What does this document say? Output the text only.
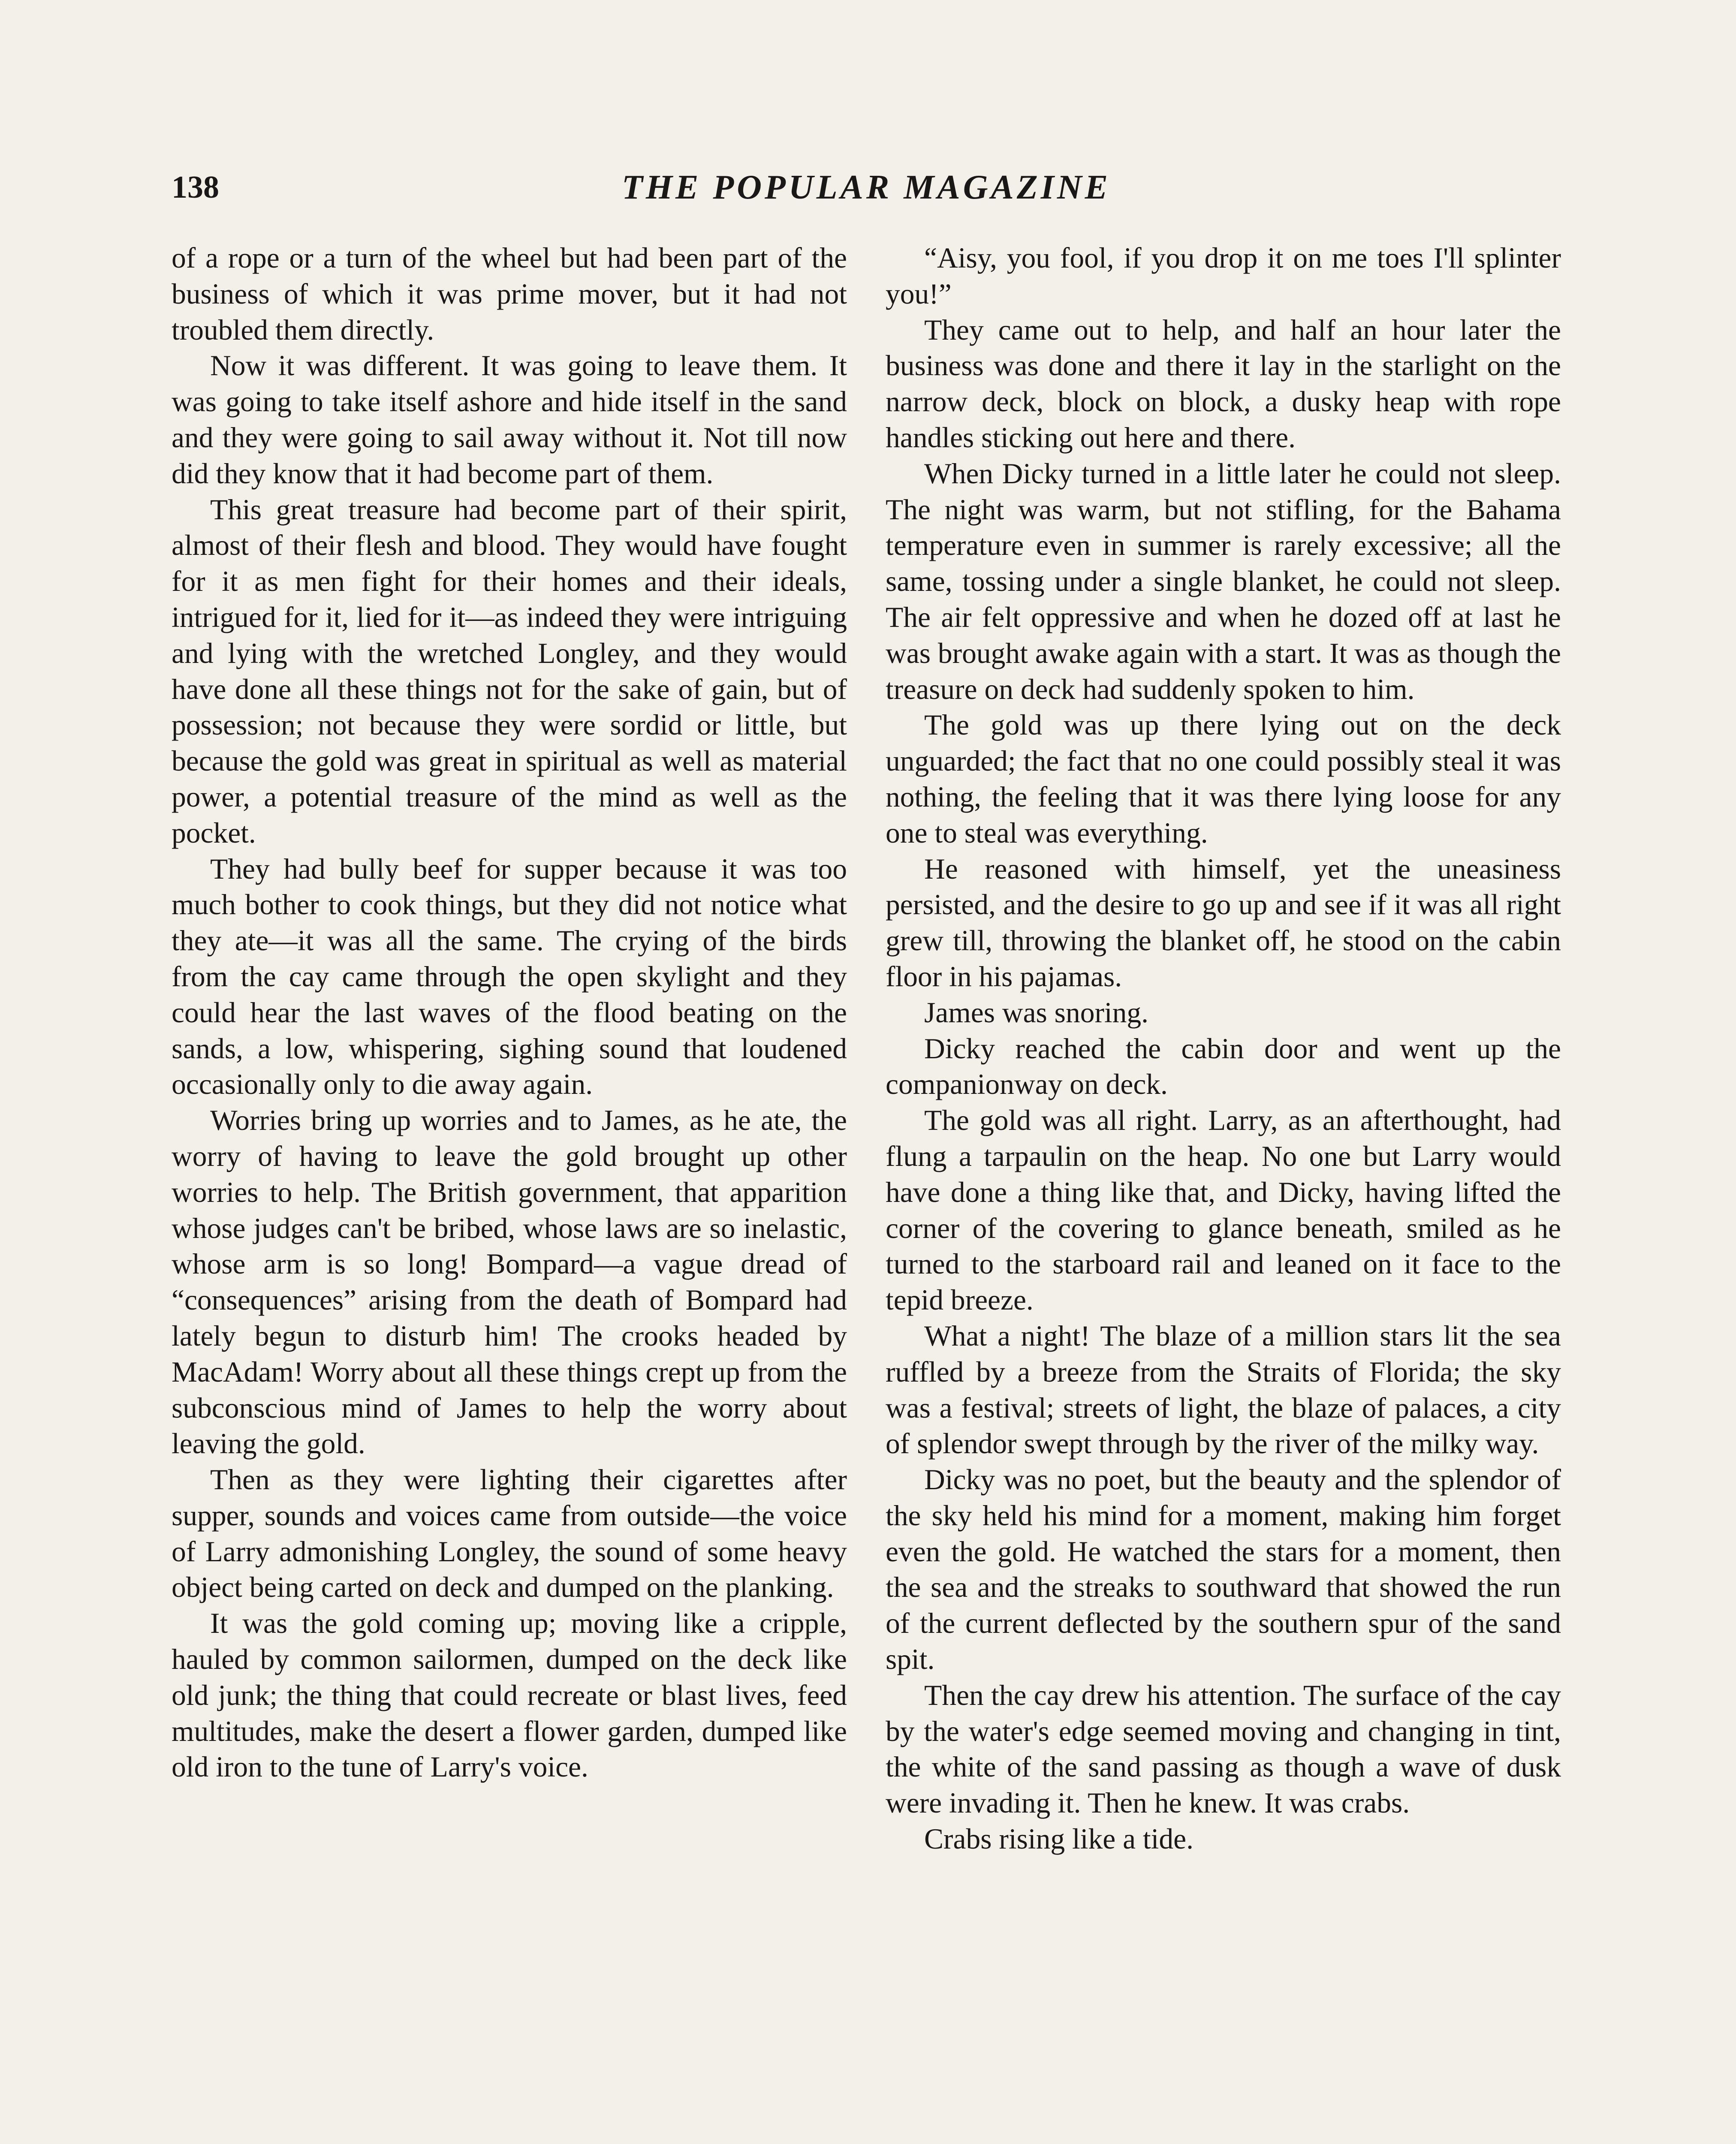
138	THE POPULAR MAGAZINE

of a rope or a turn of the wheel but had been part of the business of which it was prime mover, but it had not troubled them directly.

Now it was different. It was going to leave them. It was going to take itself ashore and hide itself in the sand and they were going to sail away without it. Not till now did they know that it had become part of them.

This great treasure had become part of their spirit, almost of their flesh and blood. They would have fought for it as men fight for their homes and their ideals, intrigued for it, lied for it—as indeed they were intriguing and lying with the wretched Longley, and they would have done all these things not for the sake of gain, but of possession; not because they were sordid or little, but because the gold was great in spiritual as well as material power, a potential treasure of the mind as well as the pocket.

They had bully beef for supper because it was too much bother to cook things, but they did not notice what they ate—it was all the same. The crying of the birds from the cay came through the open skylight and they could hear the last waves of the flood beating on the sands, a low, whispering, sighing sound that loudened occasionally only to die away again.

Worries bring up worries and to James, as he ate, the worry of having to leave the gold brought up other worries to help. The British government, that apparition whose judges can't be bribed, whose laws are so inelastic, whose arm is so long! Bompard—a vague dread of “consequences” arising from the death of Bompard had lately begun to disturb him! The crooks headed by MacAdam! Worry about all these things crept up from the subconscious mind of James to help the worry about leaving the gold.

Then as they were lighting their cigarettes after supper, sounds and voices came from outside—the voice of Larry admonishing Longley, the sound of some heavy object being carted on deck and dumped on the planking.

It was the gold coming up; moving like a cripple, hauled by common sailormen, dumped on the deck like old junk; the thing that could recreate or blast lives, feed multitudes, make the desert a flower garden, dumped like old iron to the tune of Larry's voice.

“Aisy, you fool, if you drop it on me toes I'll splinter you!”

They came out to help, and half an hour later the business was done and there it lay in the starlight on the narrow deck, block on block, a dusky heap with rope handles sticking out here and there.

When Dicky turned in a little later he could not sleep. The night was warm, but not stifling, for the Bahama temperature even in summer is rarely excessive; all the same, tossing under a single blanket, he could not sleep. The air felt oppressive and when he dozed off at last he was brought awake again with a start. It was as though the treasure on deck had suddenly spoken to him.

The gold was up there lying out on the deck unguarded; the fact that no one could possibly steal it was nothing, the feeling that it was there lying loose for any one to steal was everything.

He reasoned with himself, yet the uneasiness persisted, and the desire to go up and see if it was all right grew till, throwing the blanket off, he stood on the cabin floor in his pajamas.

James was snoring.

Dicky reached the cabin door and went up the companionway on deck.

The gold was all right. Larry, as an afterthought, had flung a tarpaulin on the heap. No one but Larry would have done a thing like that, and Dicky, having lifted the corner of the covering to glance beneath, smiled as he turned to the starboard rail and leaned on it face to the tepid breeze.

What a night! The blaze of a million stars lit the sea ruffled by a breeze from the Straits of Florida; the sky was a festival; streets of light, the blaze of palaces, a city of splendor swept through by the river of the milky way.

Dicky was no poet, but the beauty and the splendor of the sky held his mind for a moment, making him forget even the gold. He watched the stars for a moment, then the sea and the streaks to southward that showed the run of the current deflected by the southern spur of the sand spit.

Then the cay drew his attention. The surface of the cay by the water's edge seemed moving and changing in tint, the white of the sand passing as though a wave of dusk were invading it. Then he knew. It was crabs.

Crabs rising like a tide.
